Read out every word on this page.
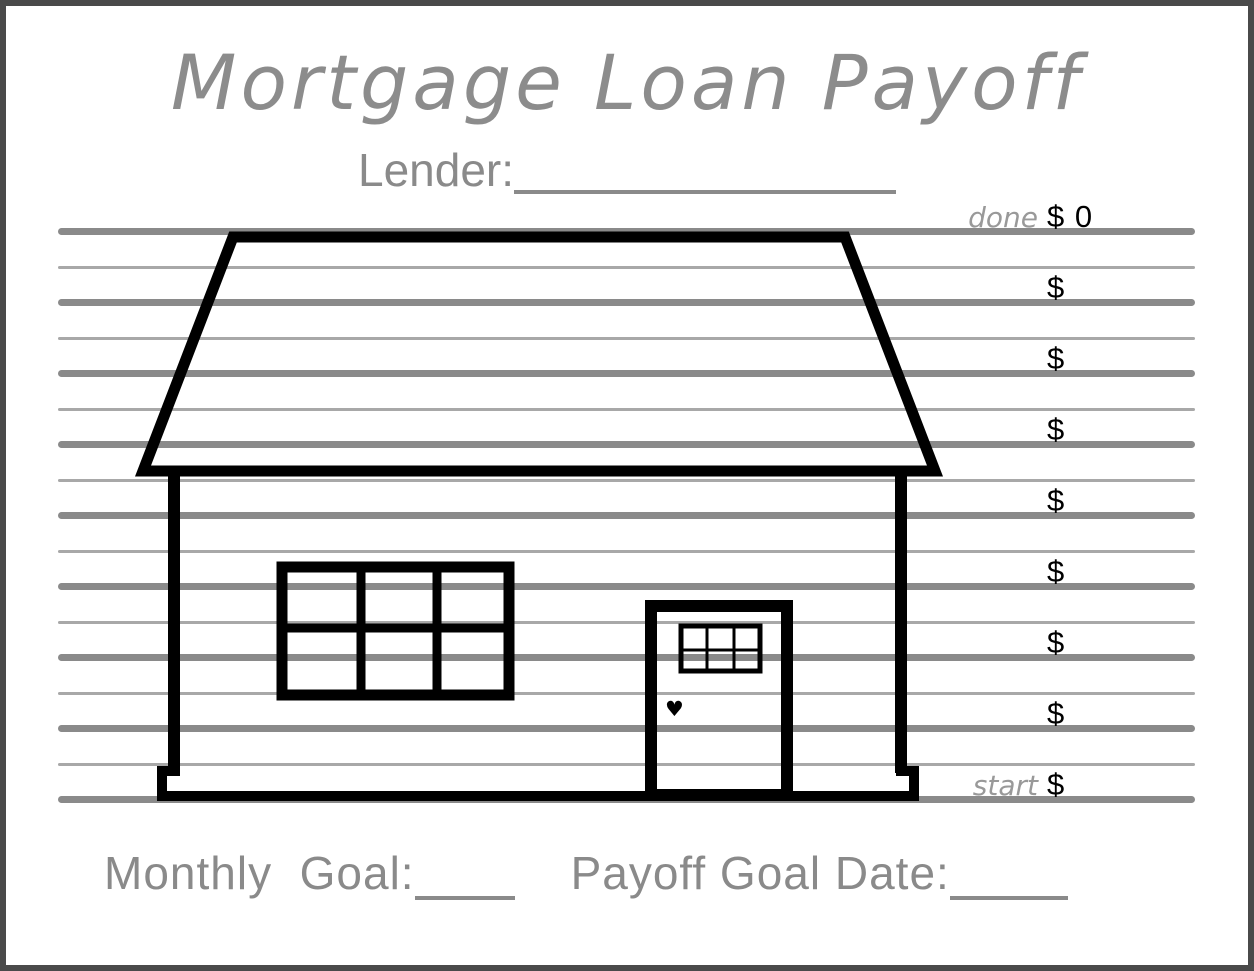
♥
Mortgage Loan Payoff
Lender:
done $ 0
$
$
$
$
$
$
$
start $
Monthly  Goal:	Payoff Goal Date:
